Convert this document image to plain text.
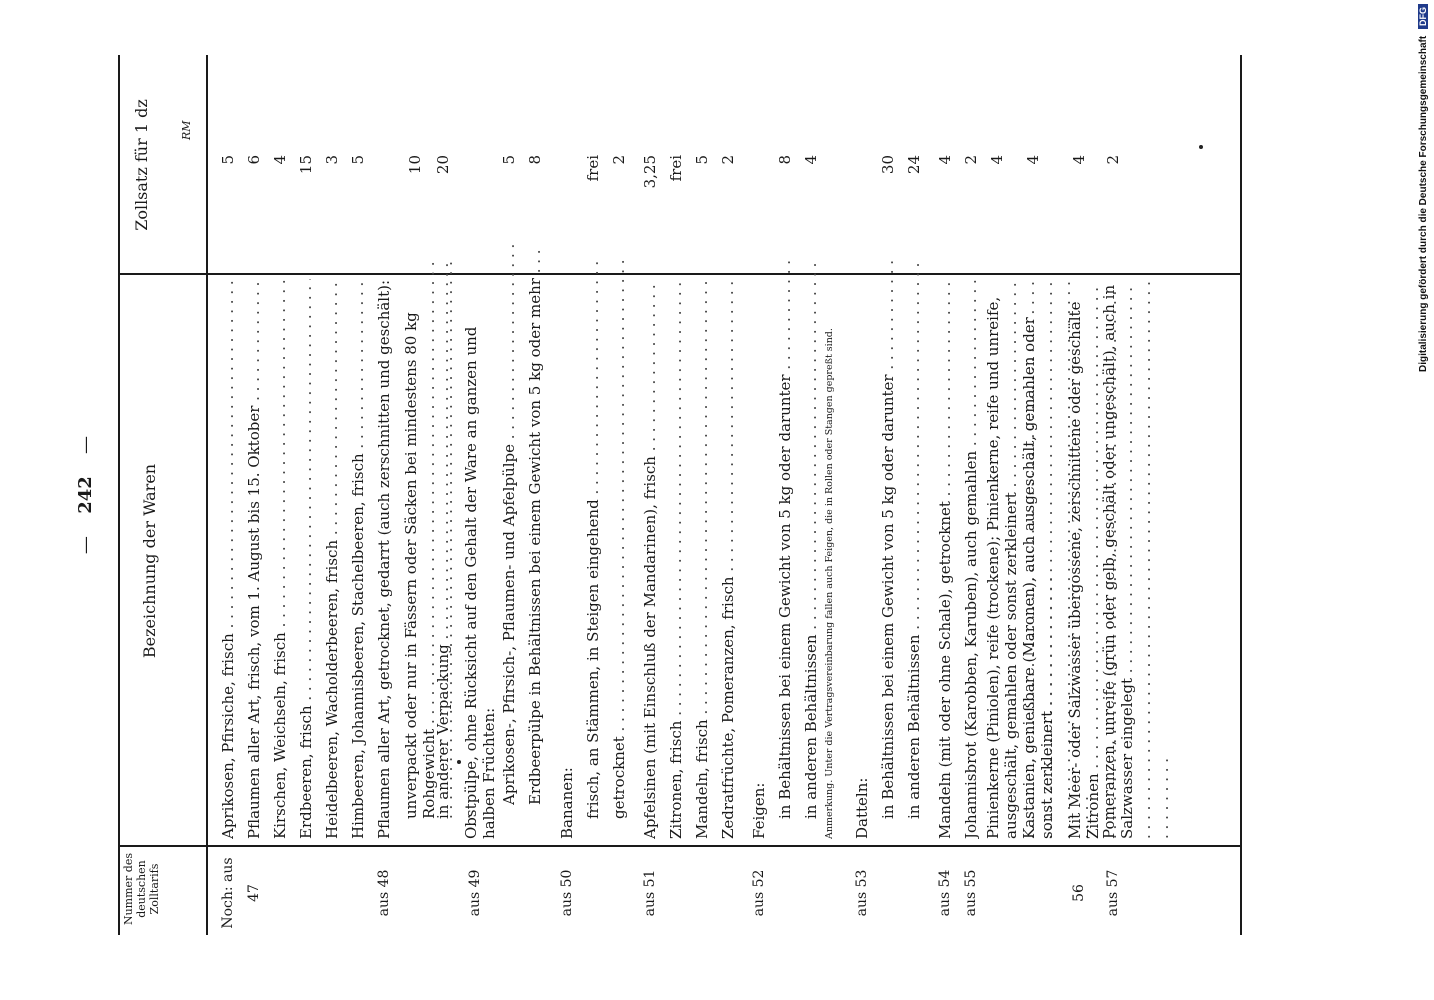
— 242 —
Nummer des deutschen Zolltarifs
Bezeichnung der Waren
Zollsatz für 1 dz	RM
Noch: aus 47
Aprikosen, Pfirsiche, frisch . . .
5
Pflaumen aller Art, frisch, vom 1. August bis 15. Oktober . . .
6
Kirschen, Weichseln, frisch . . .
4
Erdbeeren, frisch . . .
15
Heidelbeeren, Wacholderbeeren, frisch . . .
3
Himbeeren, Johannisbeeren, Stachelbeeren, frisch . . .
5
aus 48
Pflaumen aller Art, getrocknet, gedarrt (auch zerschnitten und geschält): unverpackt oder nur in Fässern oder Säcken bei mindestens 80 kg Rohgewicht . . .
10
in anderer Verpackung . . .
20
aus 49
Obstpülpe, ohne Rücksicht auf den Gehalt der Ware an ganzen und halben Früchten: Aprikosen-, Pfirsich-, Pflaumen- und Apfelpülpe . . .
5
Erdbeerpülpe in Behältnissen bei einem Gewicht von 5 kg oder mehr . . .
8
aus 50
Bananen: frisch, an Stämmen, in Steigen eingehend . . .
frei
getrocknet . . .
2
aus 51
Apfelsinen (mit Einschluß der Mandarinen), frisch . . .
3,25
Zitronen, frisch . . .
frei
Mandeln, frisch . . .
5
Zedratfrüchte, Pomeranzen, frisch . . .
2
aus 52
Feigen: in Behältnissen bei einem Gewicht von 5 kg oder darunter . . .
8
in anderen Behältnissen . . .
4
Anmerkung. Unter die Vertragsvereinbarung fallen auch Feigen, die in Rollen oder Stangen gepreßt sind.
aus 53
Datteln: in Behältnissen bei einem Gewicht von 5 kg oder darunter . . .
30
in anderen Behältnissen . . .
24
aus 54
Mandeln (mit oder ohne Schale), getrocknet . . .
4
aus 55
Johannisbrot (Karobben, Karuben), auch gemahlen . . .
2
Pinienkerne (Piniolen), reife (trockene); Pinienkerne, reife und unreife, ausgeschält, gemahlen oder sonst zerkleinert . . .
4
Kastanien, genießbare (Maronen), auch ausgeschält, gemahlen oder sonst zerkleinert . . .
4
56
Mit Meer- oder Salzwasser übergossene, zerschnittene oder geschälte Zitronen . . .
4
aus 57
Pomeranzen, unreife (grün oder gelb, geschält oder ungeschält), auch in Salzwasser eingelegt . . .
2	Digitalisierung gefördert durch die Deutsche Forschungsgemeinschaft DFG
